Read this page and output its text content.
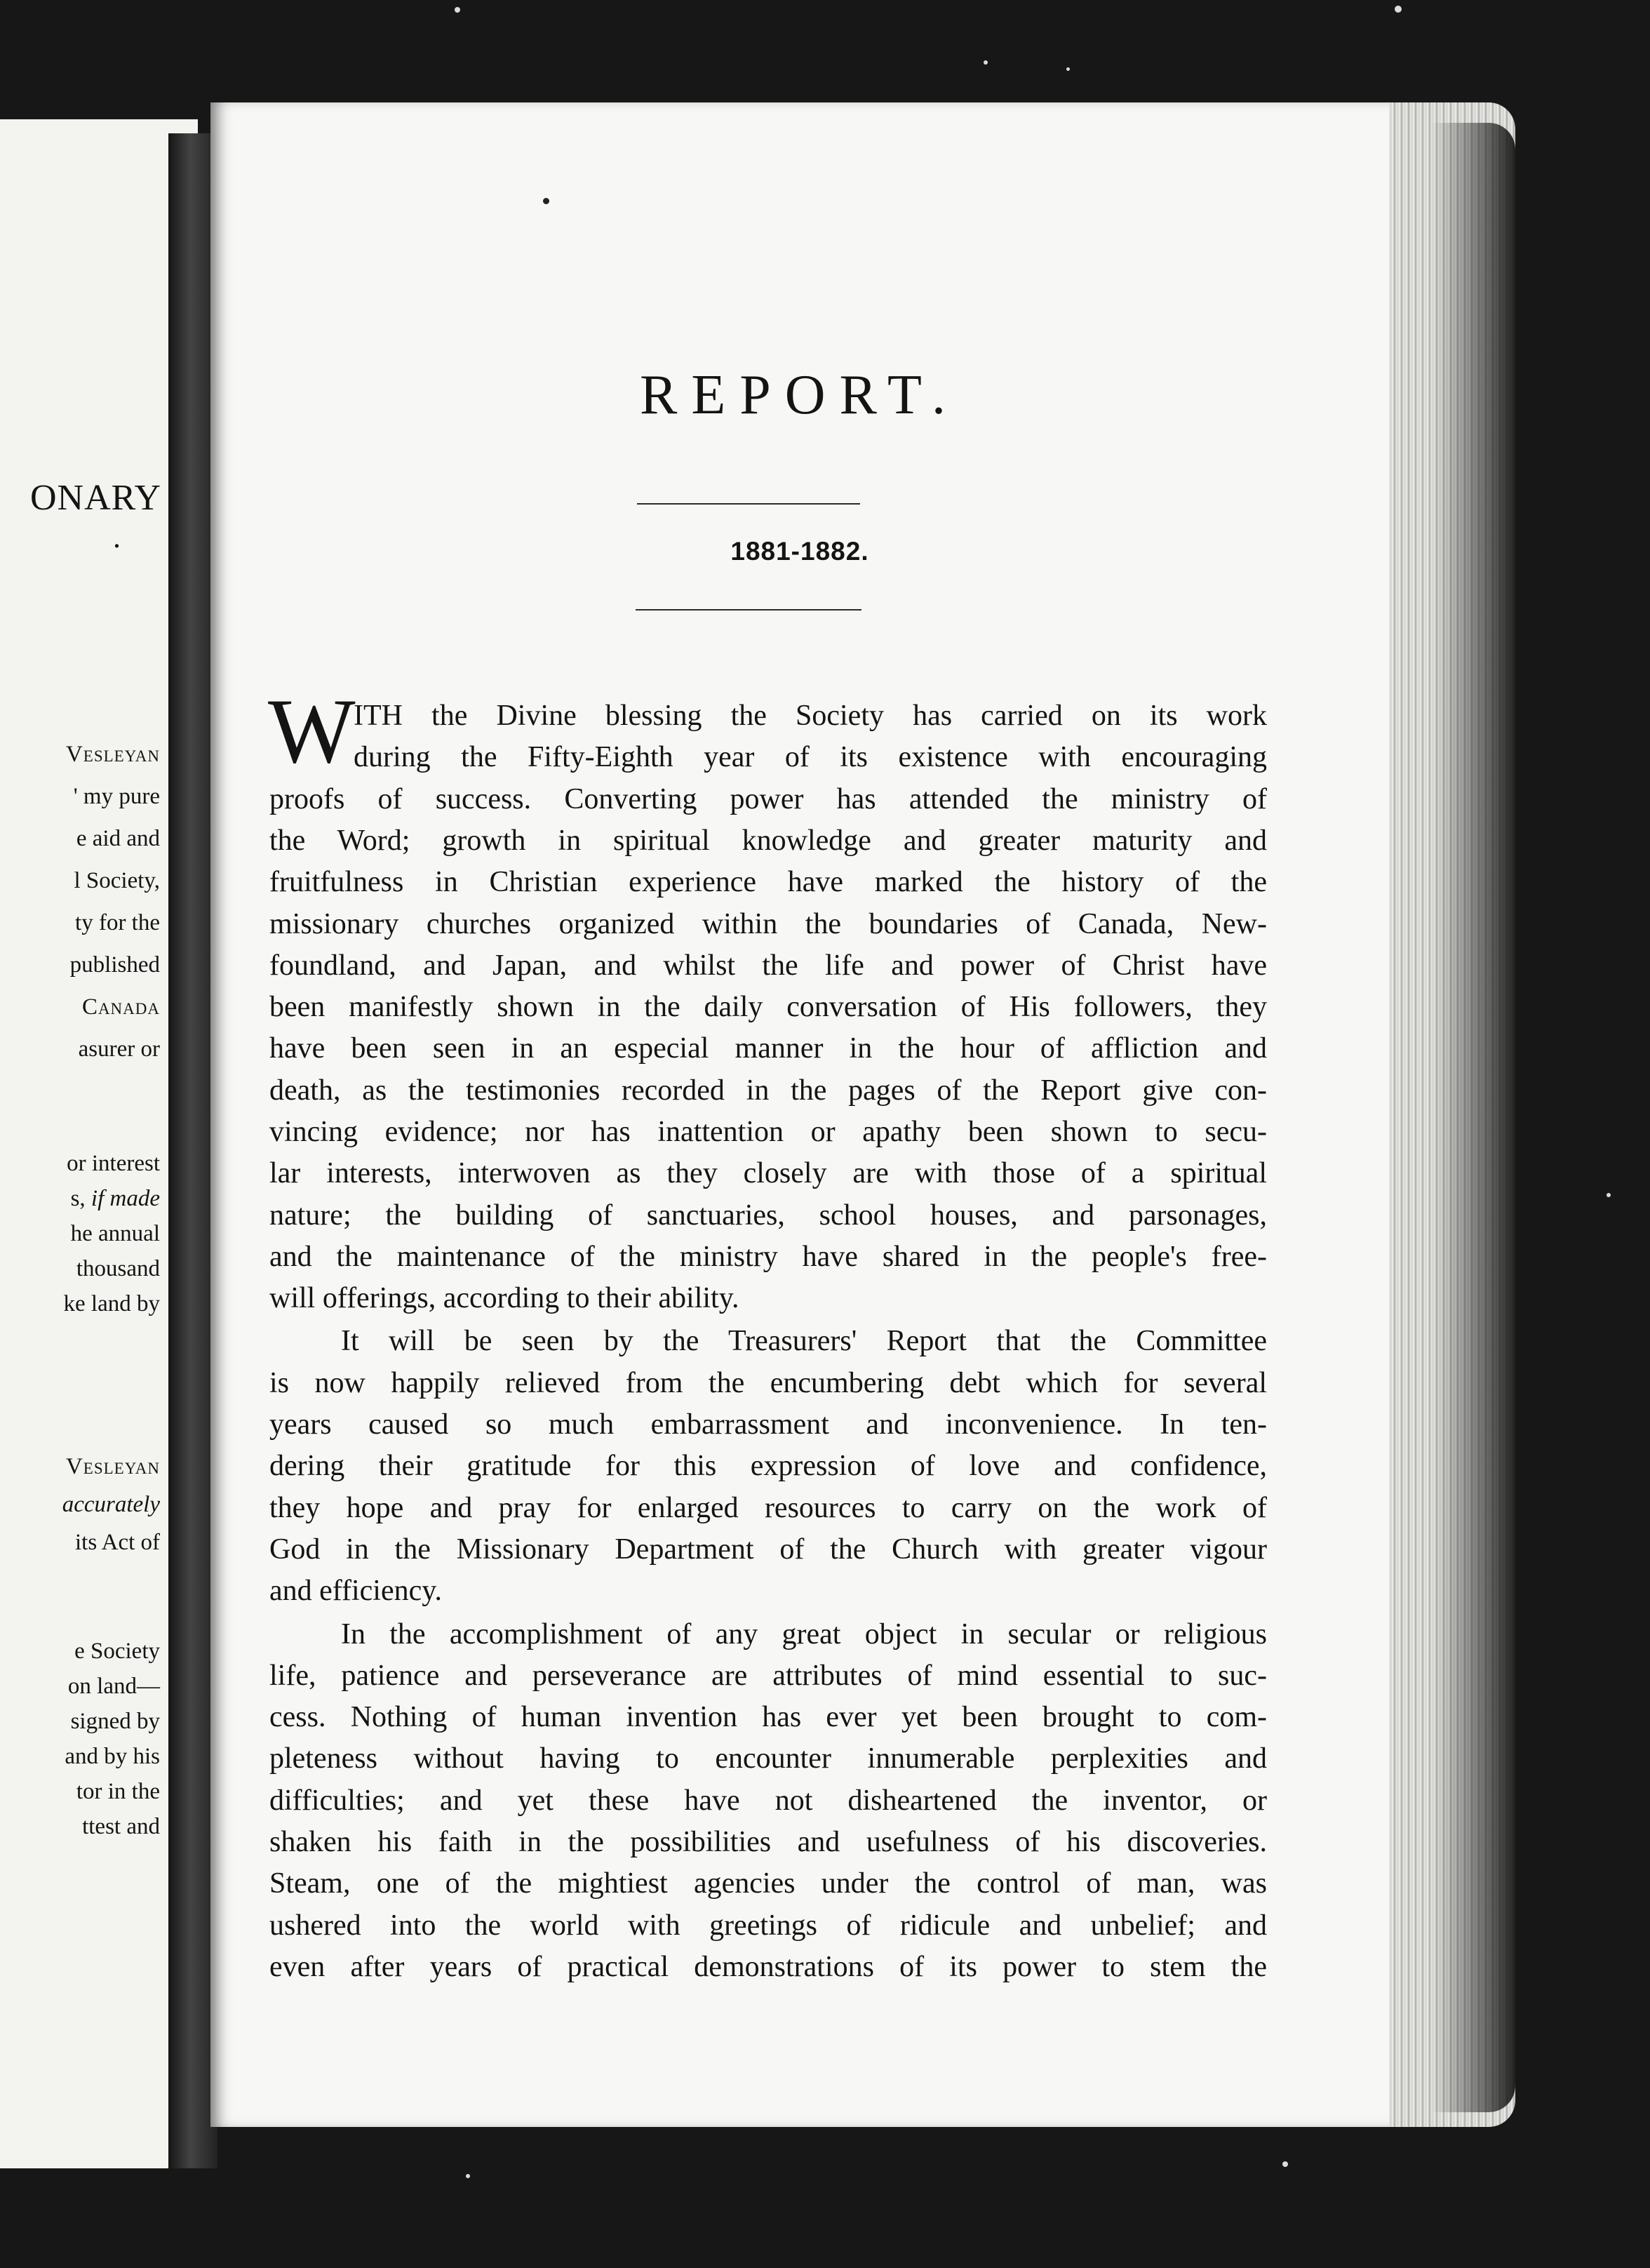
ONARY
.
Vesleyan
' my pure
e aid and
l Society,
ty for the
published
Canada
asurer or
or interest
s, if made
he annual
thousand
ke land by
Vesleyan
accurately
its Act of
e Society
on land—
signed by
and by his
tor in the
ttest and
REPORT.
1881-1882.
W
ITH the Divine blessing the Society has carried on its work
during the Fifty-Eighth year of its existence with encouraging
proofs of success. Converting power has attended the ministry of
the Word; growth in spiritual knowledge and greater maturity and
fruitfulness in Christian experience have marked the history of the
missionary churches organized within the boundaries of Canada, New-
foundland, and Japan, and whilst the life and power of Christ have
been manifestly shown in the daily conversation of His followers, they
have been seen in an especial manner in the hour of affliction and
death, as the testimonies recorded in the pages of the Report give con-
vincing evidence; nor has inattention or apathy been shown to secu-
lar interests, interwoven as they closely are with those of a spiritual
nature; the building of sanctuaries, school houses, and parsonages,
and the maintenance of the ministry have shared in the people's free-
will offerings, according to their ability.
It will be seen by the Treasurers' Report that the Committee
is now happily relieved from the encumbering debt which for several
years caused so much embarrassment and inconvenience. In ten-
dering their gratitude for this expression of love and confidence,
they hope and pray for enlarged resources to carry on the work of
God in the Missionary Department of the Church with greater vigour
and efficiency.
In the accomplishment of any great object in secular or religious
life, patience and perseverance are attributes of mind essential to suc-
cess. Nothing of human invention has ever yet been brought to com-
pleteness without having to encounter innumerable perplexities and
difficulties; and yet these have not disheartened the inventor, or
shaken his faith in the possibilities and usefulness of his discoveries.
Steam, one of the mightiest agencies under the control of man, was
ushered into the world with greetings of ridicule and unbelief; and
even after years of practical demonstrations of its power to stem the
